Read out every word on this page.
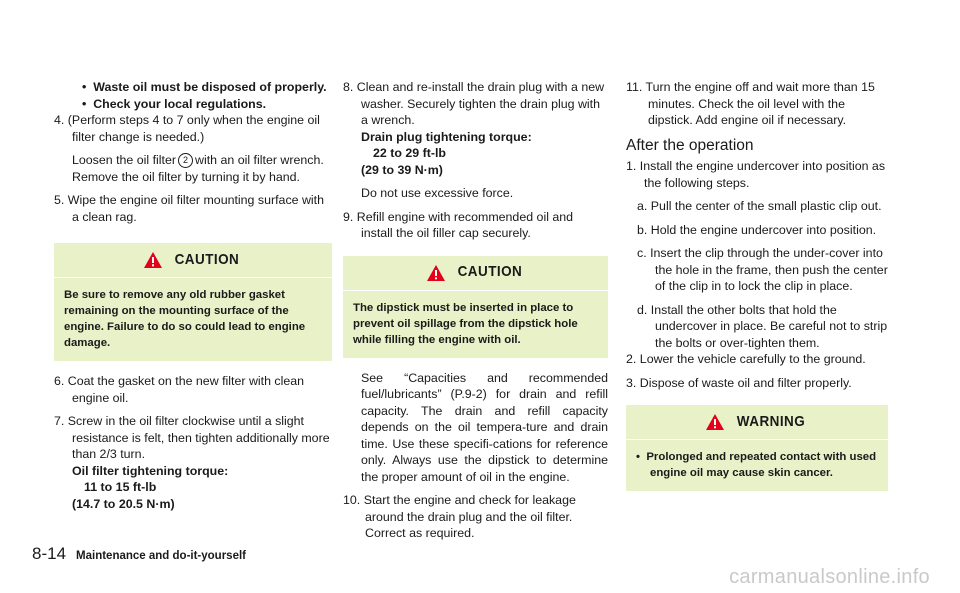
•  Waste oil must be disposed of properly.

•  Check your local regulations.

4. (Perform steps 4 to 7 only when the engine oil filter change is needed.)

Loosen the oil filter 2 with an oil filter wrench. Remove the oil filter by turning it by hand.

5. Wipe the engine oil filter mounting surface with a clean rag.

CAUTION
Be sure to remove any old rubber gasket remaining on the mounting surface of the engine. Failure to do so could lead to engine damage.

6. Coat the gasket on the new filter with clean engine oil.

7. Screw in the oil filter clockwise until a slight resistance is felt, then tighten additionally more than 2/3 turn.

Oil filter tightening torque:

11 to 15 ft-lb

(14.7 to 20.5 N·m)

8. Clean and re-install the drain plug with a new washer. Securely tighten the drain plug with a wrench.

Drain plug tightening torque:

22 to 29 ft-lb

(29 to 39 N·m)

Do not use excessive force.

9. Refill engine with recommended oil and install the oil filler cap securely.

CAUTION
The dipstick must be inserted in place to prevent oil spillage from the dipstick hole while filling the engine with oil.

See “Capacities and recommended fuel/lubricants” (P.9-2) for drain and refill capacity. The drain and refill capacity depends on the oil tempera-ture and drain time. Use these specifi-cations for reference only. Always use the dipstick to determine the proper amount of oil in the engine.

10. Start the engine and check for leakage around the drain plug and the oil filter. Correct as required.

11. Turn the engine off and wait more than 15 minutes. Check the oil level with the dipstick. Add engine oil if necessary.

After the operation

1. Install the engine undercover into position as the following steps.

a. Pull the center of the small plastic clip out.

b. Hold the engine undercover into position.

c. Insert the clip through the under-cover into the hole in the frame, then push the center of the clip in to lock the clip in place.

d. Install the other bolts that hold the undercover in place. Be careful not to strip the bolts or over-tighten them.

2. Lower the vehicle carefully to the ground.

3. Dispose of waste oil and filter properly.

WARNING
•  Prolonged and repeated contact with used engine oil may cause skin cancer.
8-14 Maintenance and do-it-yourself
carmanualsonline.info
